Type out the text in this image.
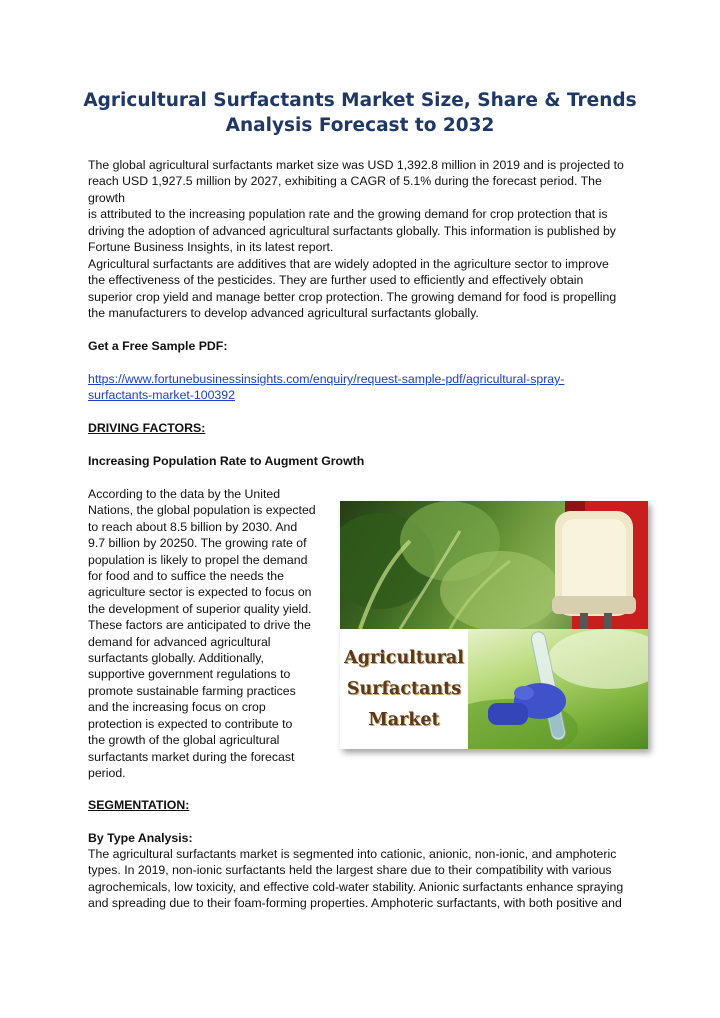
Agricultural Surfactants Market Size, Share & Trends
Analysis Forecast to 2032
The global agricultural surfactants market size was USD 1,392.8 million in 2019 and is projected to
reach USD 1,927.5 million by 2027, exhibiting a CAGR of 5.1% during the forecast period. The growth
is attributed to the increasing population rate and the growing demand for crop protection that is
driving the adoption of advanced agricultural surfactants globally. This information is published by
Fortune Business Insights, in its latest report.
Agricultural surfactants are additives that are widely adopted in the agriculture sector to improve
the effectiveness of the pesticides. They are further used to efficiently and effectively obtain
superior crop yield and manage better crop protection. The growing demand for food is propelling
the manufacturers to develop advanced agricultural surfactants globally.
Get a Free Sample PDF:
https://www.fortunebusinessinsights.com/enquiry/request-sample-pdf/agricultural-spray-
surfactants-market-100392
DRIVING FACTORS:
Increasing Population Rate to Augment Growth
According to the data by the United
Nations, the global population is expected
to reach about 8.5 billion by 2030. And
9.7 billion by 20250. The growing rate of
population is likely to propel the demand
for food and to suffice the needs the
agriculture sector is expected to focus on
the development of superior quality yield.
These factors are anticipated to drive the
demand for advanced agricultural
surfactants globally. Additionally,
supportive government regulations to
promote sustainable farming practices
and the increasing focus on crop
protection is expected to contribute to
the growth of the global agricultural
surfactants market during the forecast
period.
Agricultural
Surfactants
Market
SEGMENTATION:
By Type Analysis:
The agricultural surfactants market is segmented into cationic, anionic, non-ionic, and amphoteric
types. In 2019, non-ionic surfactants held the largest share due to their compatibility with various
agrochemicals, low toxicity, and effective cold-water stability. Anionic surfactants enhance spraying
and spreading due to their foam-forming properties. Amphoteric surfactants, with both positive and
